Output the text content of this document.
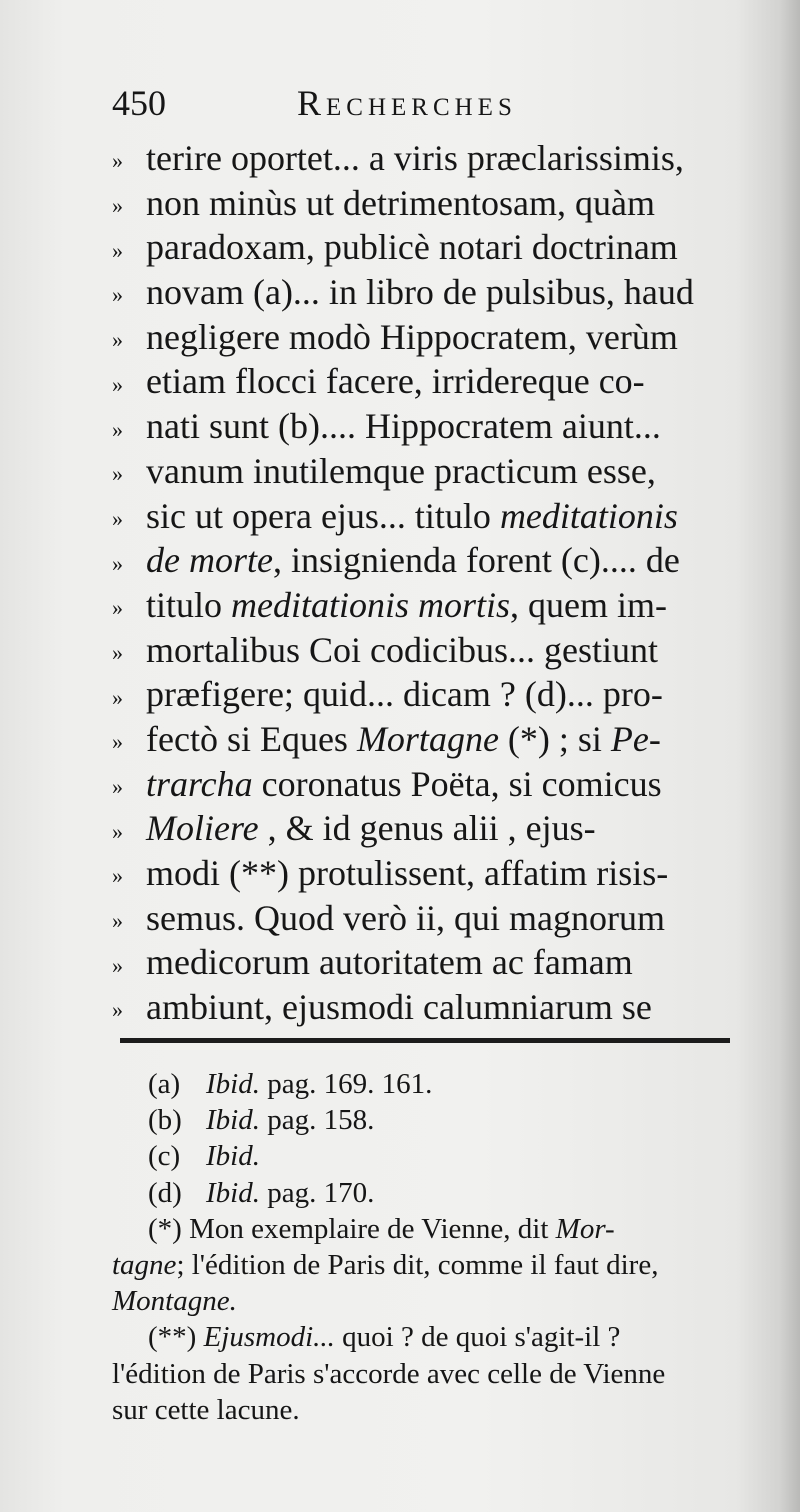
450	Recherches
» terire oportet... a viris præclarissimis,
» non minùs ut detrimentosam, quàm
» paradoxam, publicè notari doctrinam
» novam (a)... in libro de pulsibus, haud
» negligere modò Hippocratem, verùm
» etiam flocci facere, irridereque co-
» nati sunt (b).... Hippocratem aiunt...
» vanum inutilemque practicum esse,
» sic ut opera ejus... titulo meditationis
» de morte, insignienda forent (c).... de
» titulo meditationis mortis, quem im-
» mortalibus Coi codicibus... gestiunt
» præfigere; quid... dicam ? (d)... pro-
» fectò si Eques Mortagne (*) ; si Pe-
» trarcha coronatus Poëta, si comicus
» Moliere , & id genus alii , ejus-
» modi (**) protulissent, affatim risis-
» semus. Quod verò ii, qui magnorum
» medicorum autoritatem ac famam
» ambiunt, ejusmodi calumniarum se
(a) Ibid. pag. 169. 161.
(b) Ibid. pag. 158.
(c) Ibid.
(d) Ibid. pag. 170.
(*) Mon exemplaire de Vienne, dit Mor-
tagne; l'édition de Paris dit, comme il faut dire,
Montagne.
(**) Ejusmodi... quoi ? de quoi s'agit-il ?
l'édition de Paris s'accorde avec celle de Vienne
sur cette lacune.
